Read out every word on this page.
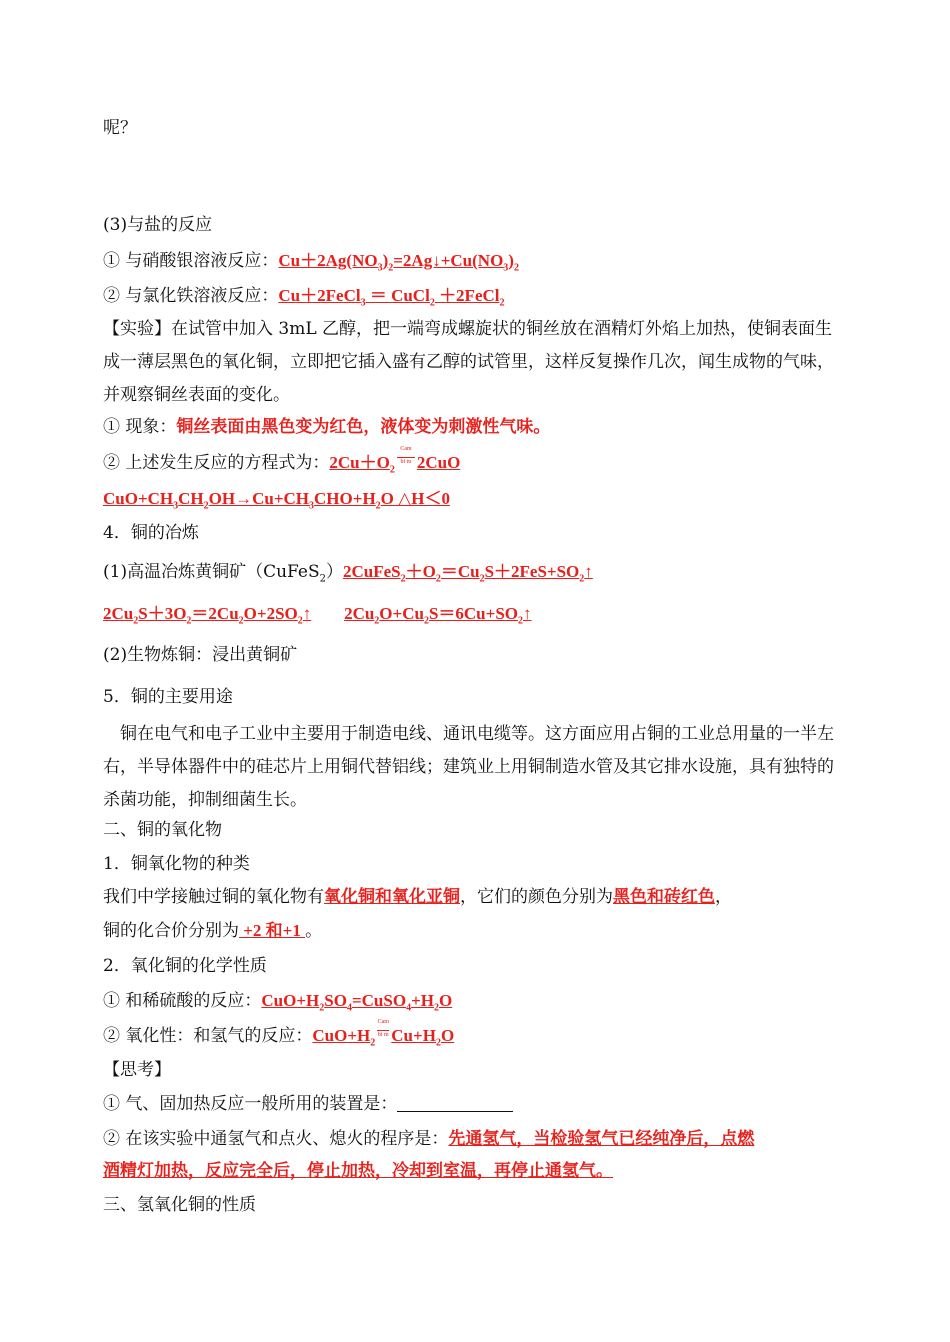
呢？
(3)与盐的反应
① 与硝酸银溶液反应：$Cu+2Ag(NO_3)_2=2Ag↓+Cu(NO_3)_2$
② 与氯化铁溶液反应：Cu＋2FeCl$_3$ ＝ CuCl$_2$ ＋2FeCl$_2$
【实验】在试管中加入 3mL 乙醇，把一端弯成螺旋状的铜丝放在酒精灯外焰上加热，使铜表面生成一薄层黑色的氧化铜，立即把它插入盛有乙醇的试管里，这样反复操作几次，闻生成物的气味，并观察铜丝表面的变化。
① 现象：铜丝表面由黑色变为红色，液体变为刺激性气味。
② 上述发生反应的方程式为：$2Cu+O_2$
Cam
bi m 2CuO
$CuO+CH_3CH_2OH\to Cu+CH_3CHO+H_2O$ △H＜0
4．铜的冶炼
(1)高温冶炼黄铜矿$(CuFeS_2)2CuFeS_2+O_2=Cu_2S+2FeS+SO_2↑$
$2Cu_2S+3O_2=2Cu_2O+2SO_2↑$ $2Cu_2O+Cu_2S=6Cu+SO_2↑$
(2)生物炼铜：浸出黄铜矿
5．铜的主要用途
铜在电气和电子工业中主要用于制造电线、通讯电缆等。这方面应用占铜的工业总用量的一半左右，半导体器件中的硅芯片上用铜代替铝线；建筑业上用铜制造水管及其它排水设施，具有独特的杀菌功能，抑制细菌生长。
二、铜的氧化物
1．铜氧化物的种类
我们中学接触过铜的氧化物有氧化铜和氧化亚铜，它们的颜色分别为黑色和砖红色，
铜的化合价分别为 +2 和+1 。
2．氧化铜的化学性质
① 和稀硫酸的反应：$CuO+H_2SO_4=CuSO_4+H_2O$
② 氧化性：和氢气的反应：$CuO+H_2$
Cam
bi m $Cu+H_2O$
【思考】
① 气、固加热反应一般所用的装置是：
② 在该实验中通氢气和点火、熄火的程序是：先通氢气，当检验氢气已经纯净后，点燃
酒精灯加热，反应完全后，停止加热，冷却到室温，再停止通氢气。
三、氢氧化铜的性质
